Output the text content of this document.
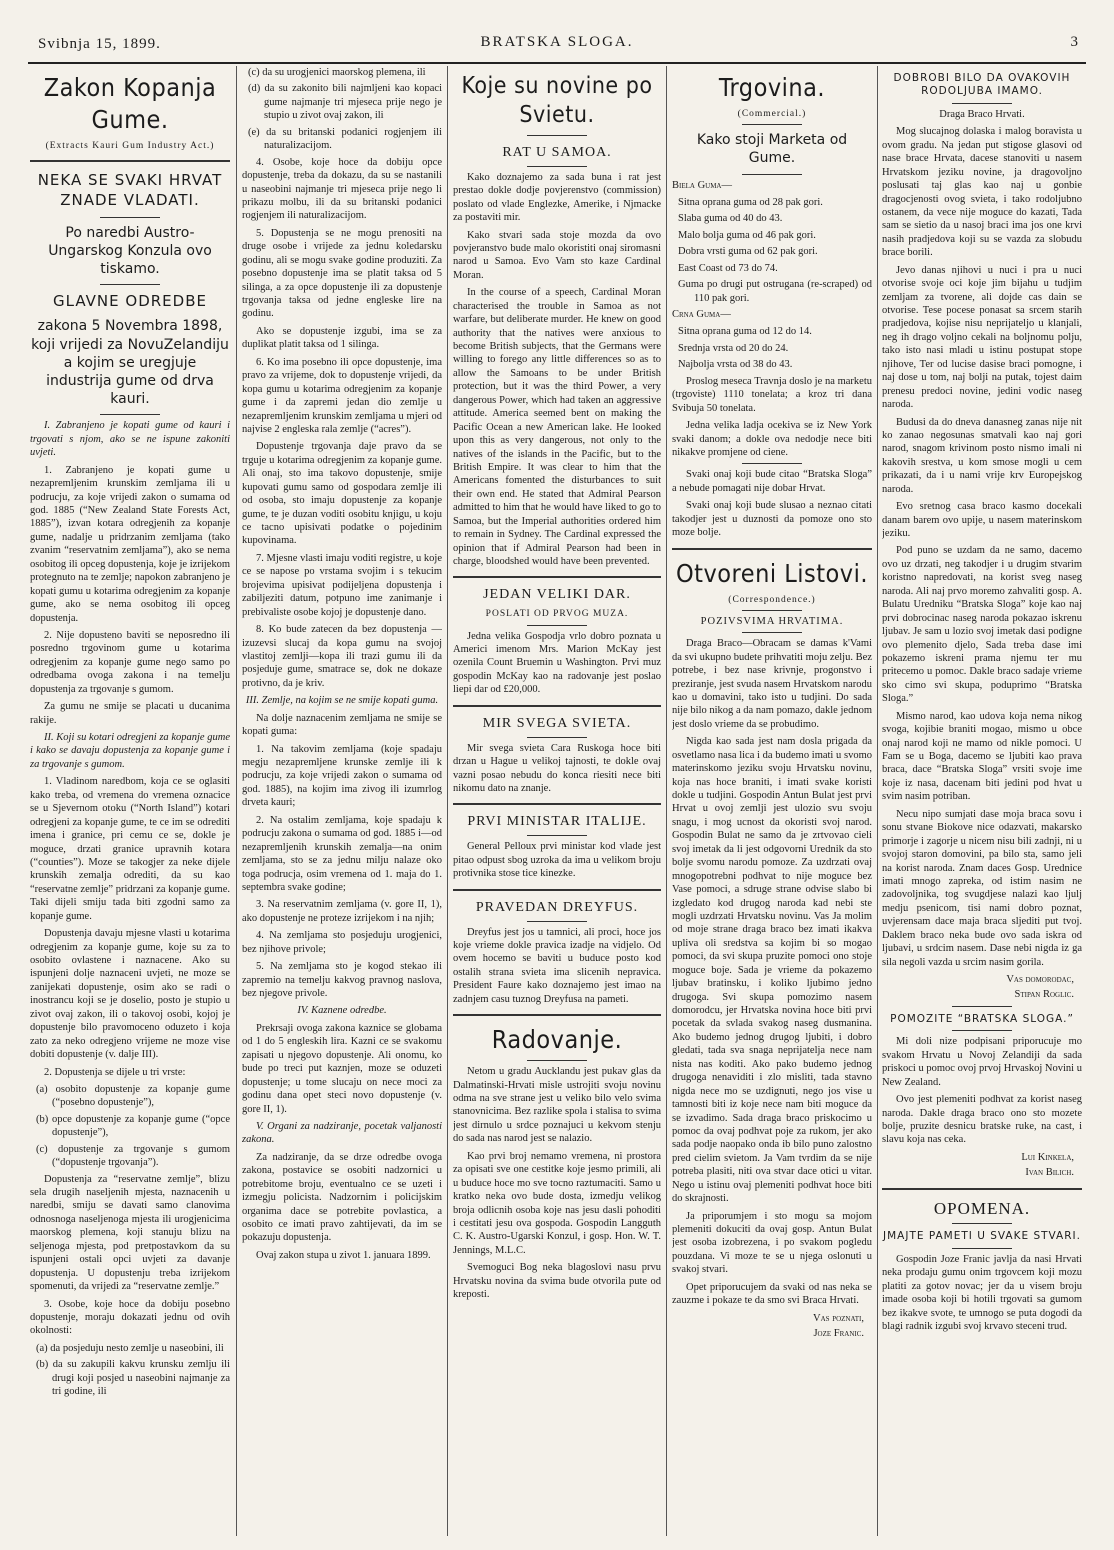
Svibnja 15, 1899.	BRATSKA SLOGA.	3
Zakon Kopanja Gume.

(Extracts Kauri Gum Industry Act.)

NEKA SE SVAKI HRVAT ZNADE VLADATI.
Po naredbi Austro-Ungarskog Konzula ovo tiskamo.
GLAVNE ODREDBE
zakona 5 Novembra 1898, koji vrijedi za NovuZelandiju a kojim se uregjuje industrija gume od drva kauri.

I. Zabranjeno je kopati gume od kauri i trgovati s njom, ako se ne ispune zakoniti uvjeti.

1. Zabranjeno je kopati gume u nezapremljenim krunskim zemljama ili u podrucju, za koje vrijedi zakon o sumama od god. 1885 (“New Zealand State Forests Act, 1885”), izvan kotara odregjenih za kopanje gume, nadalje u pridrzanim zemljama (tako zvanim “reservatnim zemljama”), ako se nema osobitog ili opceg dopustenja, koje je izrijekom protegnuto na te zemlje; napokon zabranjeno je kopati gumu u kotarima odregjenim za kopanje gume, ako se nema osobitog ili opceg dopustenja.

2. Nije dopusteno baviti se neposredno ili posredno trgovinom gume u kotarima odregjenim za kopanje gume nego samo po odredbama ovoga zakona i na temelju dopustenja za trgovanje s gumom.

Za gumu ne smije se placati u ducanima rakije.

II. Koji su kotari odregjeni za kopanje gume i kako se davaju dopustenja za kopanje gume i za trgovanje s gumom.

1. Vladinom naredbom, koja ce se oglasiti kako treba, od vremena do vremena oznacice se u Sjevernom otoku (“North Island”) kotari odregjeni za kopanje gume, te ce im se odrediti imena i granice, pri cemu ce se, dokle je moguce, drzati granice upravnih kotara (“counties”). Moze se takogjer za neke dijele krunskih zemalja odrediti, da su kao “reservatne zemlje” pridrzani za kopanje gume. Taki dijeli smiju tada biti zgodni samo za kopanje gume.

Dopustenja davaju mjesne vlasti u kotarima odregjenim za kopanje gume, koje su za to osobito ovlastene i naznacene. Ako su ispunjeni dolje naznaceni uvjeti, ne moze se zanijekati dopustenje, osim ako se radi o inostrancu koji se je doselio, posto je stupio u zivot ovaj zakon, ili o takovoj osobi, kojoj je dopustenje bilo pravomoceno oduzeto i koja zato za neko odregjeno vrijeme ne moze vise dobiti dopustenje (v. dalje III).

2. Dopustenja se dijele u tri vrste:

(a) osobito dopustenje za kopanje gume (“posebno dopustenje”),

(b) opce dopustenje za kopanje gume (“opce dopustenje”),

(c) dopustenje za trgovanje s gumom (“dopustenje trgovanja”).

Dopustenja za “reservatne zemlje”, blizu sela drugih naseljenih mjesta, naznacenih u naredbi, smiju se davati samo clanovima odnosnoga naseljenoga mjesta ili urogjenicima maorskog plemena, koji stanuju blizu na seljenoga mjesta, pod pretpostavkom da su ispunjeni ostali opci uvjeti za davanje dopustenja. U dopustenju treba izrijekom spomenuti, da vrijedi za “reservatne zemlje.”

3. Osobe, koje hoce da dobiju posebno dopustenje, moraju dokazati jednu od ovih okolnosti:

(a) da posjeduju nesto zemlje u naseobini, ili

(b) da su zakupili kakvu krunsku zemlju ili drugi koji posjed u naseobini najmanje za tri godine, ili

(c) da su urogjenici maorskog plemena, ili

(d) da su zakonito bili najmljeni kao kopaci gume najmanje tri mjeseca prije nego je stupio u zivot ovaj zakon, ili

(e) da su britanski podanici rogjenjem ili naturalizacijom.

4. Osobe, koje hoce da dobiju opce dopustenje, treba da dokazu, da su se nastanili u naseobini najmanje tri mjeseca prije nego li prikazu molbu, ili da su britanski podanici rogjenjem ili naturalizacijom.

5. Dopustenja se ne mogu prenositi na druge osobe i vrijede za jednu koledarsku godinu, ali se mogu svake godine produziti. Za posebno dopustenje ima se platit taksa od 5 silinga, a za opce dopustenje ili za dopustenje trgovanja taksa od jedne engleske lire na godinu.

Ako se dopustenje izgubi, ima se za duplikat platit taksa od 1 silinga.

6. Ko ima posebno ili opce dopustenje, ima pravo za vrijeme, dok to dopustenje vrijedi, da kopa gumu u kotarima odregjenim za kopanje gume i da zapremi jedan dio zemlje u nezapremljenim krunskim zemljama u mjeri od najvise 2 engleska rala zemlje (“acres”).

Dopustenje trgovanja daje pravo da se trguje u kotarima odregjenim za kopanje gume. Ali onaj, sto ima takovo dopustenje, smije kupovati gumu samo od gospodara zemlje ili od osoba, sto imaju dopustenje za kopanje gume, te je duzan voditi osobitu knjigu, u koju ce tacno upisivati podatke o pojedinim kupovinama.

7. Mjesne vlasti imaju voditi registre, u koje ce se napose po vrstama svojim i s tekucim brojevima upisivat podijeljena dopustenja i zabiljeziti datum, potpuno ime zanimanje i prebivaliste osobe kojoj je dopustenje dano.

8. Ko bude zatecen da bez dopustenja —izuzevsi slucaj da kopa gumu na svojoj vlastitoj zemlji—kopa ili trazi gumu ili da posjeduje gume, smatrace se, dok ne dokaze protivno, da je kriv.

III. Zemlje, na kojim se ne smije kopati guma.

Na dolje naznacenim zemljama ne smije se kopati guma:

1. Na takovim zemljama (koje spadaju megju nezapremljene krunske zemlje ili k podrucju, za koje vrijedi zakon o sumama od god. 1885), na kojim ima zivog ili izumrlog drveta kauri;

2. Na ostalim zemljama, koje spadaju k podrucju zakona o sumama od god. 1885 i—od nezapremljenih krunskih zemalja—na onim zemljama, sto se za jednu milju nalaze oko toga podrucja, osim vremena od 1. maja do 1. septembra svake godine;

3. Na reservatnim zemljama (v. gore II, 1), ako dopustenje ne proteze izrijekom i na njih;

4. Na zemljama sto posjeduju urogjenici, bez njihove privole;

5. Na zemljama sto je kogod stekao ili zapremio na temelju kakvog pravnog naslova, bez njegove privole.

IV. Kaznene odredbe.

Prekrsaji ovoga zakona kaznice se globama od 1 do 5 engleskih lira. Kazni ce se svakomu zapisati u njegovo dopustenje. Ali onomu, ko bude po treci put kaznjen, moze se oduzeti dopustenje; u tome slucaju on nece moci za godinu dana opet steci novo dopustenje (v. gore II, 1).

V. Organi za nadziranje, pocetak valjanosti zakona.

Za nadziranje, da se drze odredbe ovoga zakona, postavice se osobiti nadzornici u potrebitome broju, eventualno ce se uzeti i izmegju policista. Nadzornim i policijskim organima dace se potrebite povlastica, a osobito ce imati pravo zahtijevati, da im se pokazuju dopustenja.

Ovaj zakon stupa u zivot 1. januara 1899.

Koje su novine po Svietu.
RAT U SAMOA.

Kako doznajemo za sada buna i rat jest prestao dokle dodje povjerenstvo (commission) poslato od vlade Englezke, Amerike, i Njmacke za postaviti mir.

Kako stvari sada stoje mozda da ovo povjeranstvo bude malo okoristiti onaj siromasni narod u Samoa. Evo Vam sto kaze Cardinal Moran.

In the course of a speech, Cardinal Moran characterised the trouble in Samoa as not warfare, but deliberate murder. He knew on good authority that the natives were anxious to become British subjects, that the Germans were willing to forego any little differences so as to allow the Samoans to be under British protection, but it was the third Power, a very dangerous Power, which had taken an aggressive attitude. America seemed bent on making the Pacific Ocean a new American lake. He looked upon this as very dangerous, not only to the natives of the islands in the Pacific, but to the British Empire. It was clear to him that the Americans fomented the disturbances to suit their own end. He stated that Admiral Pearson admitted to him that he would have liked to go to Samoa, but the Imperial authorities ordered him to remain in Sydney. The Cardinal expressed the opinion that if Admiral Pearson had been in charge, bloodshed would have been prevented.

JEDAN VELIKI DAR.

POSLATI OD PRVOG MUZA.

Jedna velika Gospodja vrlo dobro poznata u Americi imenom Mrs. Marion McKay jest ozenila Count Bruemin u Washington. Prvi muz gospodin McKay kao na radovanje jest poslao liepi dar od £20,000.

MIR SVEGA SVIETA.

Mir svega svieta Cara Ruskoga hoce biti drzan u Hague u velikoj tajnosti, te dokle ovaj vazni posao nebudu do konca riesiti nece biti nikomu dato na znanje.

PRVI MINISTAR ITALIJE.

General Pelloux prvi ministar kod vlade jest pitao odpust sbog uzroka da ima u velikom broju protivnika stose tice kinezke.

PRAVEDAN DREYFUS.

Dreyfus jest jos u tamnici, ali proci, hoce jos koje vrieme dokle pravica izadje na vidjelo. Od ovem hocemo se baviti u buduce posto kod ostalih strana svieta ima slicenih nepravica. President Faure kako doznajemo jest imao na zadnjem casu tuznog Dreyfusa na pameti.

Radovanje.

Netom u gradu Aucklandu jest pukav glas da Dalmatinski-Hrvati misle ustrojiti svoju novinu odma na sve strane jest u veliko bilo velo svima stanovnicima. Bez razlike spola i stalisa to svima jest dirnulo u srdce poznajuci u kekvom stenju do sada nas narod jest se nalazio.

Kao prvi broj nemamo vremena, ni prostora za opisati sve one cestitke koje jesmo primili, ali u buduce hoce mo sve tocno raztumaciti. Samo u kratko neka ovo bude dosta, izmedju velikog broja odlicnih osoba koje nas jesu dasli pohoditi i cestitati jesu ova gospoda. Gospodin Langguth C. K. Austro-Ugarski Konzul, i gosp. Hon. W. T. Jennings, M.L.C.

Svemoguci Bog neka blagoslovi nasu prvu Hrvatsku novina da svima bude otvorila pute od kreposti.

Trgovina.

(Commercial.)

Kako stoji Marketa od Gume.

Biela Guma—

Sitna oprana guma od 28 pak gori.

Slaba guma od 40 do 43.

Malo bolja guma od 46 pak gori.

Dobra vrsti guma od 62 pak gori.

East Coast od 73 do 74.

Guma po drugi put ostrugana (re-scraped) od 110 pak gori.

Crna Guma—

Sitna oprana guma od 12 do 14.

Srednja vrsta od 20 do 24.

Najbolja vrsta od 38 do 43.

Proslog meseca Travnja doslo je na marketu (trgoviste) 1110 tonelata; a kroz tri dana Svibuja 50 tonelata.

Jedna velika ladja ocekiva se iz New York svaki danom; a dokle ova nedodje nece biti nikakve promjene od ciene.

Svaki onaj koji bude citao “Bratska Sloga” a nebude pomagati nije dobar Hrvat.

Svaki onaj koji bude slusao a neznao citati takodjer jest u duznosti da pomoze ono sto moze bolje.

Otvoreni Listovi.

(Correspondence.)

POZIVSVIMA HRVATIMA.

Draga Braco—Obracam se damas k'Vami da svi ukupno budete prihvatiti moju zelju. Bez potrebe, i bez nase krivnje, progonstvo i preziranje, jest svuda nasem Hrvatskom narodu kao u domavini, tako isto u tudjini. Do sada nije bilo nikog a da nam pomazo, dakle jednom jest doslo vrieme da se probudimo.

Nigda kao sada jest nam dosla prigada da osvetlamo nasa lica i da budemo imati u svomo materinskomo jeziku svoju Hrvatsku novinu, koja nas hoce braniti, i imati svake koristi dokle u tudjini. Gospodin Antun Bulat jest prvi Hrvat u ovoj zemlji jest ulozio svu svoju snagu, i mog ucnost da okoristi svoj narod. Gospodin Bulat ne samo da je zrtvovao cieli svoj imetak da li jest odgovorni Urednik da sto bolje svomu narodu pomoze. Za uzdrzati ovaj mnogopotrebni podhvat to nije moguce bez Vase pomoci, a sdruge strane odvise slabo bi izgledato kod drugog naroda kad nebi ste mogli uzdrzati Hrvatsku novinu. Vas Ja molim od moje strane draga braco bez imati ikakva upliva oli sredstva sa kojim bi so mogao pomoci, da svi skupa pruzite pomoci ono stoje moguce boje. Sada je vrieme da pokazemo ljubav bratinsku, i koliko ljubimo jedno drugoga. Svi skupa pomozimo nasem domorodcu, jer Hrvatska novina hoce biti prvi pocetak da svlada svakog naseg dusmanina. Ako budemo jednog drugog ljubiti, i dobro gledati, tada sva snaga neprijatelja nece nam nista nas koditi. Ako pako budemo jednog drugoga nenaviditi i zlo misliti, tada stavno nigda nece mo se uzdignuti, nego jos vise u tamnosti biti iz koje nece nam biti moguce da se izvadimo. Sada draga braco priskocimo u pomoc da ovaj podhvat poje za rukom, jer ako sada podje naopako onda ib bilo puno zalostno pred cielim svietom. Ja Vam tvrdim da se nije potreba plasiti, niti ova stvar dace otici u vitar. Nego u istinu ovaj plemeniti podhvat hoce biti do skrajnosti.

Ja priporumjem i sto mogu sa mojom plemeniti dokuciti da ovaj gosp. Antun Bulat jest osoba izobrezena, i po svakom pogledu pouzdana. Vi moze te se u njega oslonuti u svakoj stvari.

Opet priporucujem da svaki od nas neka se zauzme i pokaze te da smo svi Braca Hrvati.

Vas poznati,

Joze Franic.

DOBROBI BILO DA OVAKOVIH RODOLJUBA IMAMO.

Draga Braco Hrvati.

Mog slucajnog dolaska i malog boravista u ovom gradu. Na jedan put stigose glasovi od nase brace Hrvata, dacese stanoviti u nasem Hrvatskom jeziku novine, ja dragovoljno poslusati taj glas kao naj u gonbie dragocjenosti ovog svieta, i tako rodoljubno ostanem, da vece nije moguce do kazati, Tada sam se sietio da u nasoj braci ima jos one krvi nasih pradjedova koji su se vazda za slobudu brace borili.

Jevo danas njihovi u nuci i pra u nuci otvorise svoje oci koje jim bijahu u tudjim zemljam za tvorene, ali dojde cas dain se otvorise. Tese pocese ponasat sa srcem starih pradjedova, kojise nisu neprijateljo u klanjali, neg ih drago voljno cekali na boljnomu polju, tako isto nasi mladi u istinu postupat stope njihove, Ter od lucise dasise braci pomogne, i naj dose u tom, naj bolji na putak, tojest daim prenesu predoci novine, jedini vodic naseg naroda.

Budusi da do dneva danasneg zanas nije nit ko zanao negosunas smatvali kao naj gori narod, snagom krivinom posto nismo imali ni kakovih srestva, u kom smose mogli u cem prikazati, da i u nami vrije krv Europejskog naroda.

Evo sretnog casa braco kasmo docekali danam barem ovo upije, u nasem materinskom jeziku.

Pod puno se uzdam da ne samo, dacemo ovo uz drzati, neg takodjer i u drugim stvarim koristno napredovati, na korist sveg naseg naroda. Ali naj prvo moremo zahvaliti gosp. A. Bulatu Uredniku “Bratska Sloga” koje kao naj prvi dobrocinac naseg naroda pokazao iskrenu ljubav. Je sam u lozio svoj imetak dasi podigne ovo plemenito djelo, Sada treba dase imi pokazemo iskreni prama njemu ter mu pritecemo u pomoc. Dakle braco sadaje vrieme sko cimo svi skupa, poduprimo “Bratska Sloga.”

Mismo narod, kao udova koja nema nikog svoga, kojibie braniti mogao, mismo u obce onaj narod koji ne mamo od nikle pomoci. U Fam se u Boga, dacemo se ljubiti kao prava braca, dace “Bratska Sloga” vrsiti svoje ime koje iz nasa, dacenam biti jedini pod hvat u svim nasim potriban.

Necu nipo sumjati dase moja braca sovu i sonu stvane Biokove nice odazvati, makarsko primorje i zagorje u nicem nisu bili zadnji, ni u svojoj staron domovini, pa bilo sta, samo jeli na korist naroda. Znam daces Gosp. Urednice imati mnogo zapreka, od istim nasim ne zadovoljnika, tog svugdjese nalazi kao ljulj medju psenicom, tisi nami dobro poznat, uvjerensam dace maja braca sljediti put tvoj. Daklem braco neka bude ovo sada iskra od ljubavi, u srdcim nasem. Dase nebi nigda iz ga sila negoli vazda u srcim nasim gorila.

Vas domorodac,

Stipan Roglic.

POMOZITE “BRATSKA SLOGA.”

Mi doli nize podpisani priporucuje mo svakom Hrvatu u Novoj Zelandiji da sada priskoci u pomoc ovoj prvoj Hrvaskoj Novini u New Zealand.

Ovo jest plemeniti podhvat za korist naseg naroda. Dakle draga braco ono sto mozete bolje, pruzite desnicu bratske ruke, na cast, i slavu koja nas ceka.

Lui Kinkela,

Ivan Bilich.

OPOMENA.
JMAJTE PAMETI U SVAKE STVARI.

Gospodin Joze Franic javlja da nasi Hrvati neka prodaju gumu onim trgovcem koji mozu platiti za gotov novac; jer da u visem broju imade osoba koji bi hotili trgovati sa gumom bez ikakve svote, te umnogo se puta dogodi da blagi radnik izgubi svoj krvavo steceni trud.
